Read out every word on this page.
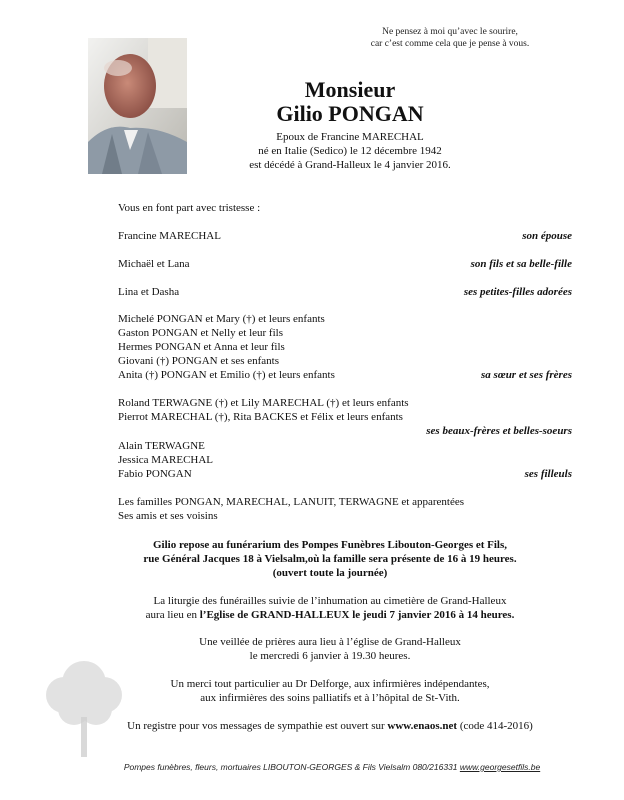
Ne pensez à moi qu’avec le sourire,
car c’est comme cela que je pense à vous.
Monsieur
Gilio PONGAN
Epoux de Francine MARECHAL
né en Italie (Sedico) le 12 décembre 1942
est décédé à Grand-Halleux le 4 janvier 2016.
Vous en font part avec tristesse :
Francine MARECHAL	son épouse
Michaël et Lana	son fils et sa belle-fille
Lina et Dasha	ses petites-filles adorées
Michelé PONGAN et Mary (†) et leurs enfants
Gaston PONGAN et Nelly et leur fils
Hermes PONGAN et Anna et leur fils
Giovani (†) PONGAN et ses enfants
Anita (†) PONGAN et Emilio (†) et leurs enfants	sa sœur et ses frères
Roland TERWAGNE (†) et Lily MARECHAL (†) et leurs enfants
Pierrot MARECHAL (†), Rita BACKES et Félix et leurs enfants
ses beaux-frères et belles-soeurs
Alain TERWAGNE
Jessica MARECHAL
Fabio PONGAN	ses filleuls
Les familles PONGAN, MARECHAL, LANUIT, TERWAGNE et apparentées
Ses amis et ses voisins
Gilio repose au funérarium des Pompes Funèbres Libouton-Georges et Fils,
rue Général Jacques 18 à Vielsalm,où la famille sera présente de 16 à 19 heures.
(ouvert toute la journée)
La liturgie des funérailles suivie de l’inhumation au cimetière de Grand-Halleux
aura lieu en l’Eglise de GRAND-HALLEUX le jeudi 7 janvier 2016 à 14 heures.
Une veillée de prières aura lieu à l’église de Grand-Halleux
le mercredi 6 janvier à 19.30 heures.
Un merci tout particulier au Dr Delforge, aux infirmières indépendantes,
aux infirmières des soins palliatifs et à l’hôpital de St-Vith.
Un registre pour vos messages de sympathie est ouvert sur www.enaos.net (code 414-2016)
Pompes funèbres, fleurs, mortuaires LIBOUTON-GEORGES & Fils Vielsalm 080/216331 www.georgesetfils.be
